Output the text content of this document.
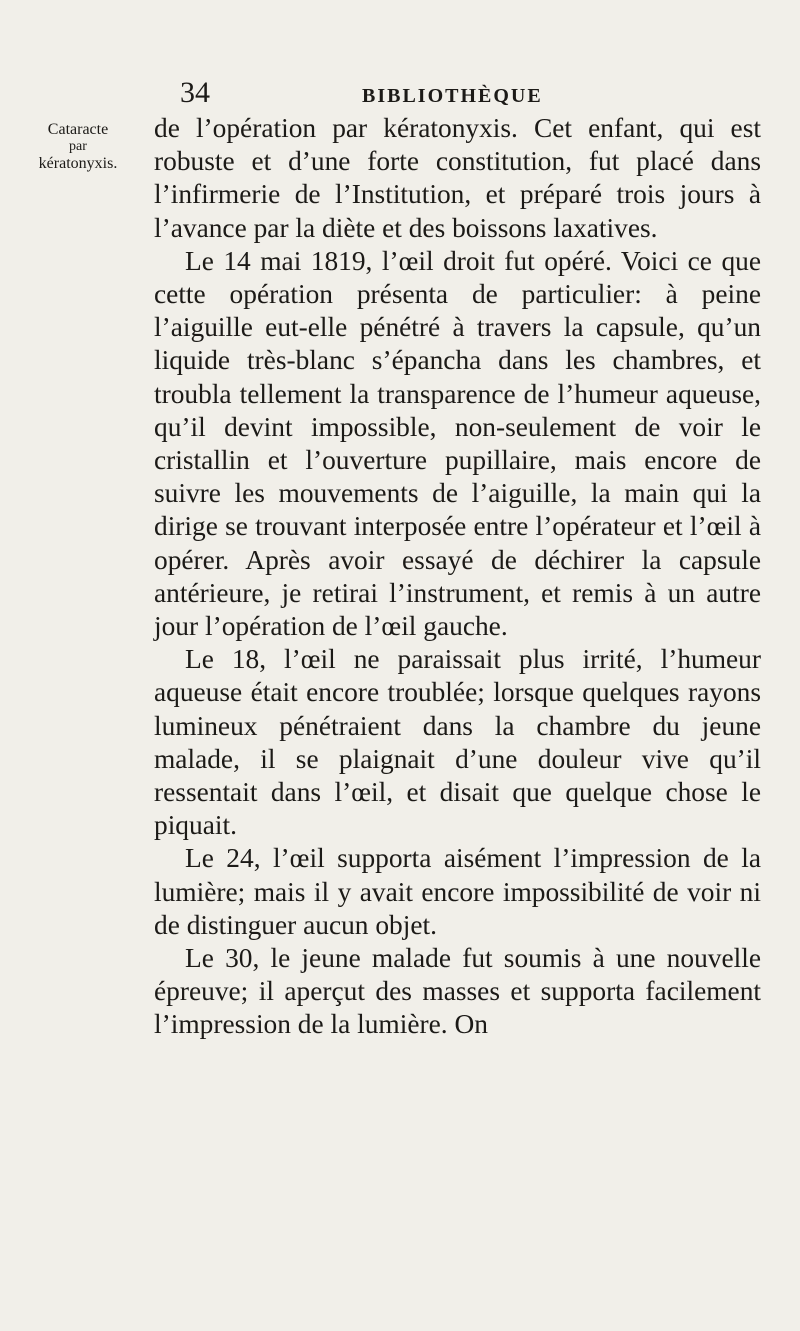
34	BIBLIOTHÈQUE
Cataracte
par
kératonyxis.

de l’opération par kératonyxis. Cet enfant, qui est robuste et d’une forte constitution, fut placé dans l’infirmerie de l’Institution, et préparé trois jours à l’avance par la diète et des boissons laxatives.

Le 14 mai 1819, l’œil droit fut opéré. Voici ce que cette opération présenta de particulier: à peine l’aiguille eut-elle pénétré à travers la capsule, qu’un liquide très-blanc s’épancha dans les chambres, et troubla tellement la transparence de l’humeur aqueuse, qu’il devint impossible, non-seulement de voir le cristallin et l’ouverture pupillaire, mais encore de suivre les mouvements de l’aiguille, la main qui la dirige se trouvant interposée entre l’opérateur et l’œil à opérer. Après avoir essayé de déchirer la capsule antérieure, je retirai l’instrument, et remis à un autre jour l’opération de l’œil gauche.

Le 18, l’œil ne paraissait plus irrité, l’humeur aqueuse était encore troublée; lorsque quelques rayons lumineux pénétraient dans la chambre du jeune malade, il se plaignait d’une douleur vive qu’il ressentait dans l’œil, et disait que quelque chose le piquait.

Le 24, l’œil supporta aisément l’impression de la lumière; mais il y avait encore impossibilité de voir ni de distinguer aucun objet.

Le 30, le jeune malade fut soumis à une nouvelle épreuve; il aperçut des masses et supporta facilement l’impression de la lumière. On
